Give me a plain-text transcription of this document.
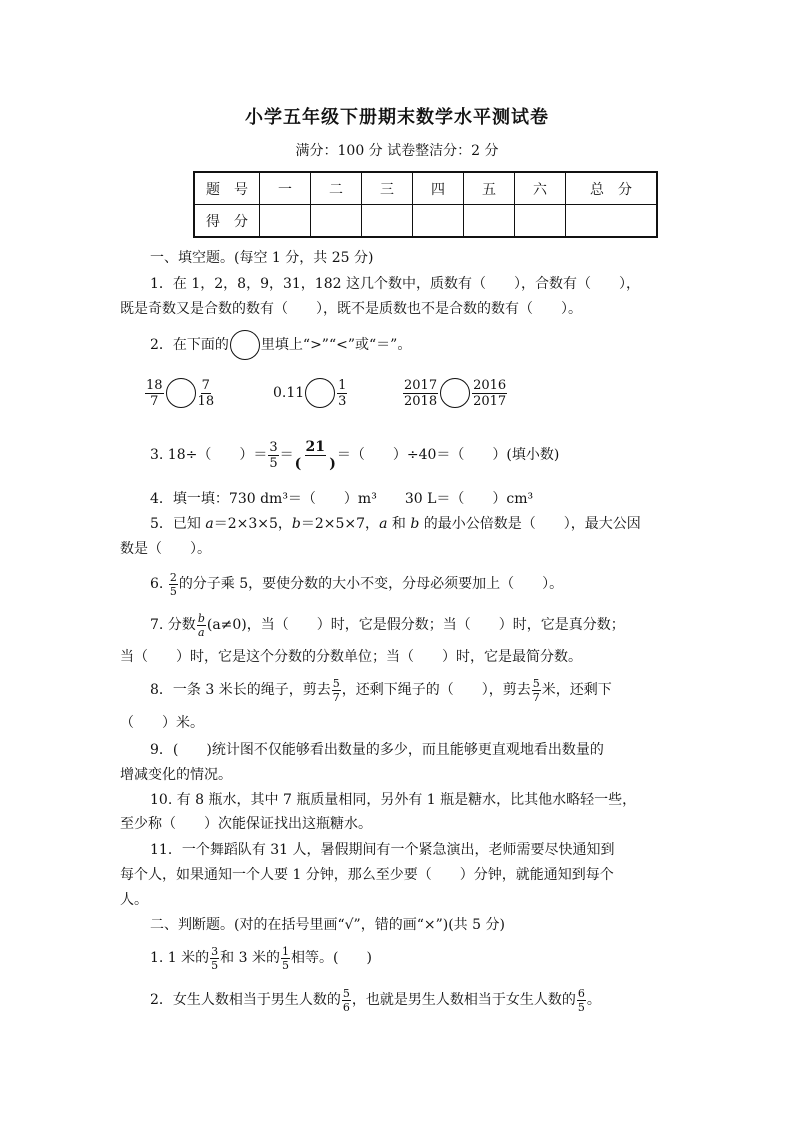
小学五年级下册期末数学水平测试卷
满分：100 分 试卷整洁分：2 分
题　号	一	二	三	四	五	六	总　分
得　分							
一、填空题。(每空 1 分，共 25 分)
1．在 1，2，8，9，31，182 这几个数中，质数有（　　），合数有（　　），
既是奇数又是合数的数有（　　），既不是质数也不是合数的数有（　　）。
2．在下面的 里填上“>”“<”或“＝”。
$\frac{18}{7}$	$\frac{7}{18}$	0.11	$\frac{1}{3}$	$\frac{2017}{2018}$	$\frac{2016}{2017}$
3. 18÷（　　）＝ $\frac{3}{5} = \frac{21}{( )}$ ＝（　　）÷40＝（　　）(填小数)
4．填一填：730 dm³＝（　　）m³　　30 L＝（　　）cm³
5．已知 a＝2×3×5，b＝2×5×7，a 和 b 的最小公倍数是（　　），最大公因
数是（　　）。
6. $\frac{2}{5}$ 的分子乘 5，要使分数的大小不变，分母必须要加上（　　）。
7. 分数 $\frac{b}{a} (a\ne 0)$，当（　　）时，它是假分数；当（　　）时，它是真分数；
当（　　）时，它是这个分数的分数单位；当（　　）时，它是最简分数。
8．一条 3 米长的绳子，剪去 $\frac{5}{7}$ ，还剩下绳子的（　　），剪去 $\frac{5}{7}$ 米，还剩下
（　　）米。
9．(　　)统计图不仅能够看出数量的多少，而且能够更直观地看出数量的
增减变化的情况。
10. 有 8 瓶水，其中 7 瓶质量相同，另外有 1 瓶是糖水，比其他水略轻一些，
至少称（　　）次能保证找出这瓶糖水。
11．一个舞蹈队有 31 人，暑假期间有一个紧急演出，老师需要尽快通知到
每个人，如果通知一个人要 1 分钟，那么至少要（　　）分钟，就能通知到每个
人。
二、判断题。(对的在括号里画“√”，错的画“×”)(共 5 分)
1. 1 米的 $\frac{3}{5}$ 和 3 米的 $\frac{1}{5}$ 相等。(　　)
2．女生人数相当于男生人数的 $\frac{5}{6}$ ，也就是男生人数相当于女生人数的 $\frac{6}{5}$ 。
